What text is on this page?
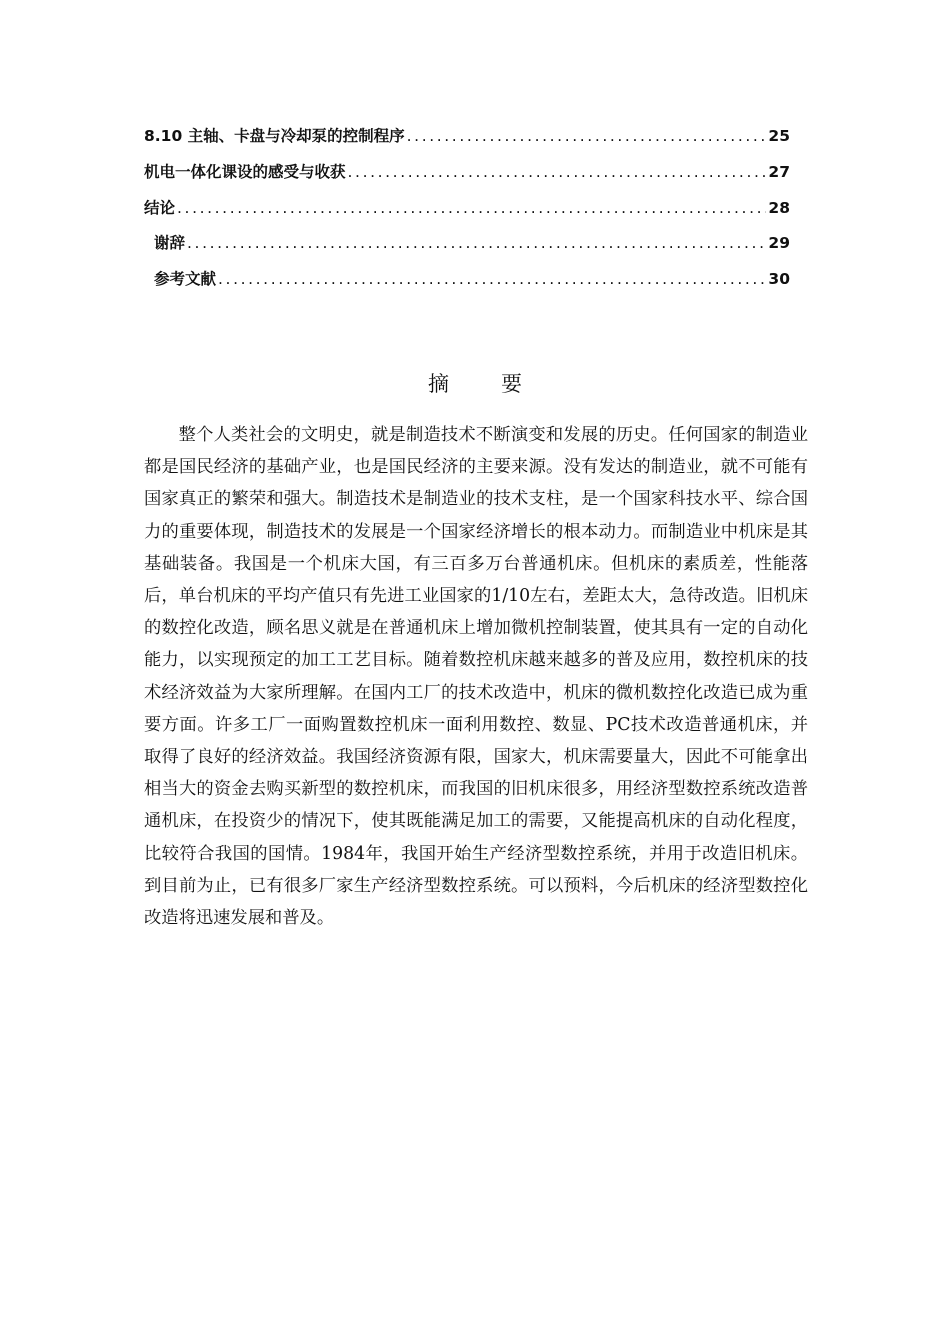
8.10 主轴、卡盘与冷却泵的控制程序 .....	25
机电一体化课设的感受与收获 .....	27
结论 .....	28
谢辞 .....	29
参考文献 .....	30
摘 要

整个人类社会的文明史，就是制造技术不断演变和发展的历史。任何国家的制造业都是国民经济的基础产业，也是国民经济的主要来源。没有发达的制造业，就不可能有国家真正的繁荣和强大。制造技术是制造业的技术支柱，是一个国家科技水平、综合国力的重要体现，制造技术的发展是一个国家经济增长的根本动力。而制造业中机床是其基础装备。我国是一个机床大国，有三百多万台普通机床。但机床的素质差，性能落后，单台机床的平均产值只有先进工业国家的1/10左右，差距太大，急待改造。旧机床的数控化改造，顾名思义就是在普通机床上增加微机控制装置，使其具有一定的自动化能力，以实现预定的加工工艺目标。随着数控机床越来越多的普及应用，数控机床的技术经济效益为大家所理解。在国内工厂的技术改造中，机床的微机数控化改造已成为重要方面。许多工厂一面购置数控机床一面利用数控、数显、PC技术改造普通机床，并取得了良好的经济效益。我国经济资源有限，国家大，机床需要量大，因此不可能拿出相当大的资金去购买新型的数控机床，而我国的旧机床很多，用经济型数控系统改造普通机床，在投资少的情况下，使其既能满足加工的需要，又能提高机床的自动化程度，比较符合我国的国情。1984年，我国开始生产经济型数控系统，并用于改造旧机床。到目前为止，已有很多厂家生产经济型数控系统。可以预料，今后机床的经济型数控化改造将迅速发展和普及。
